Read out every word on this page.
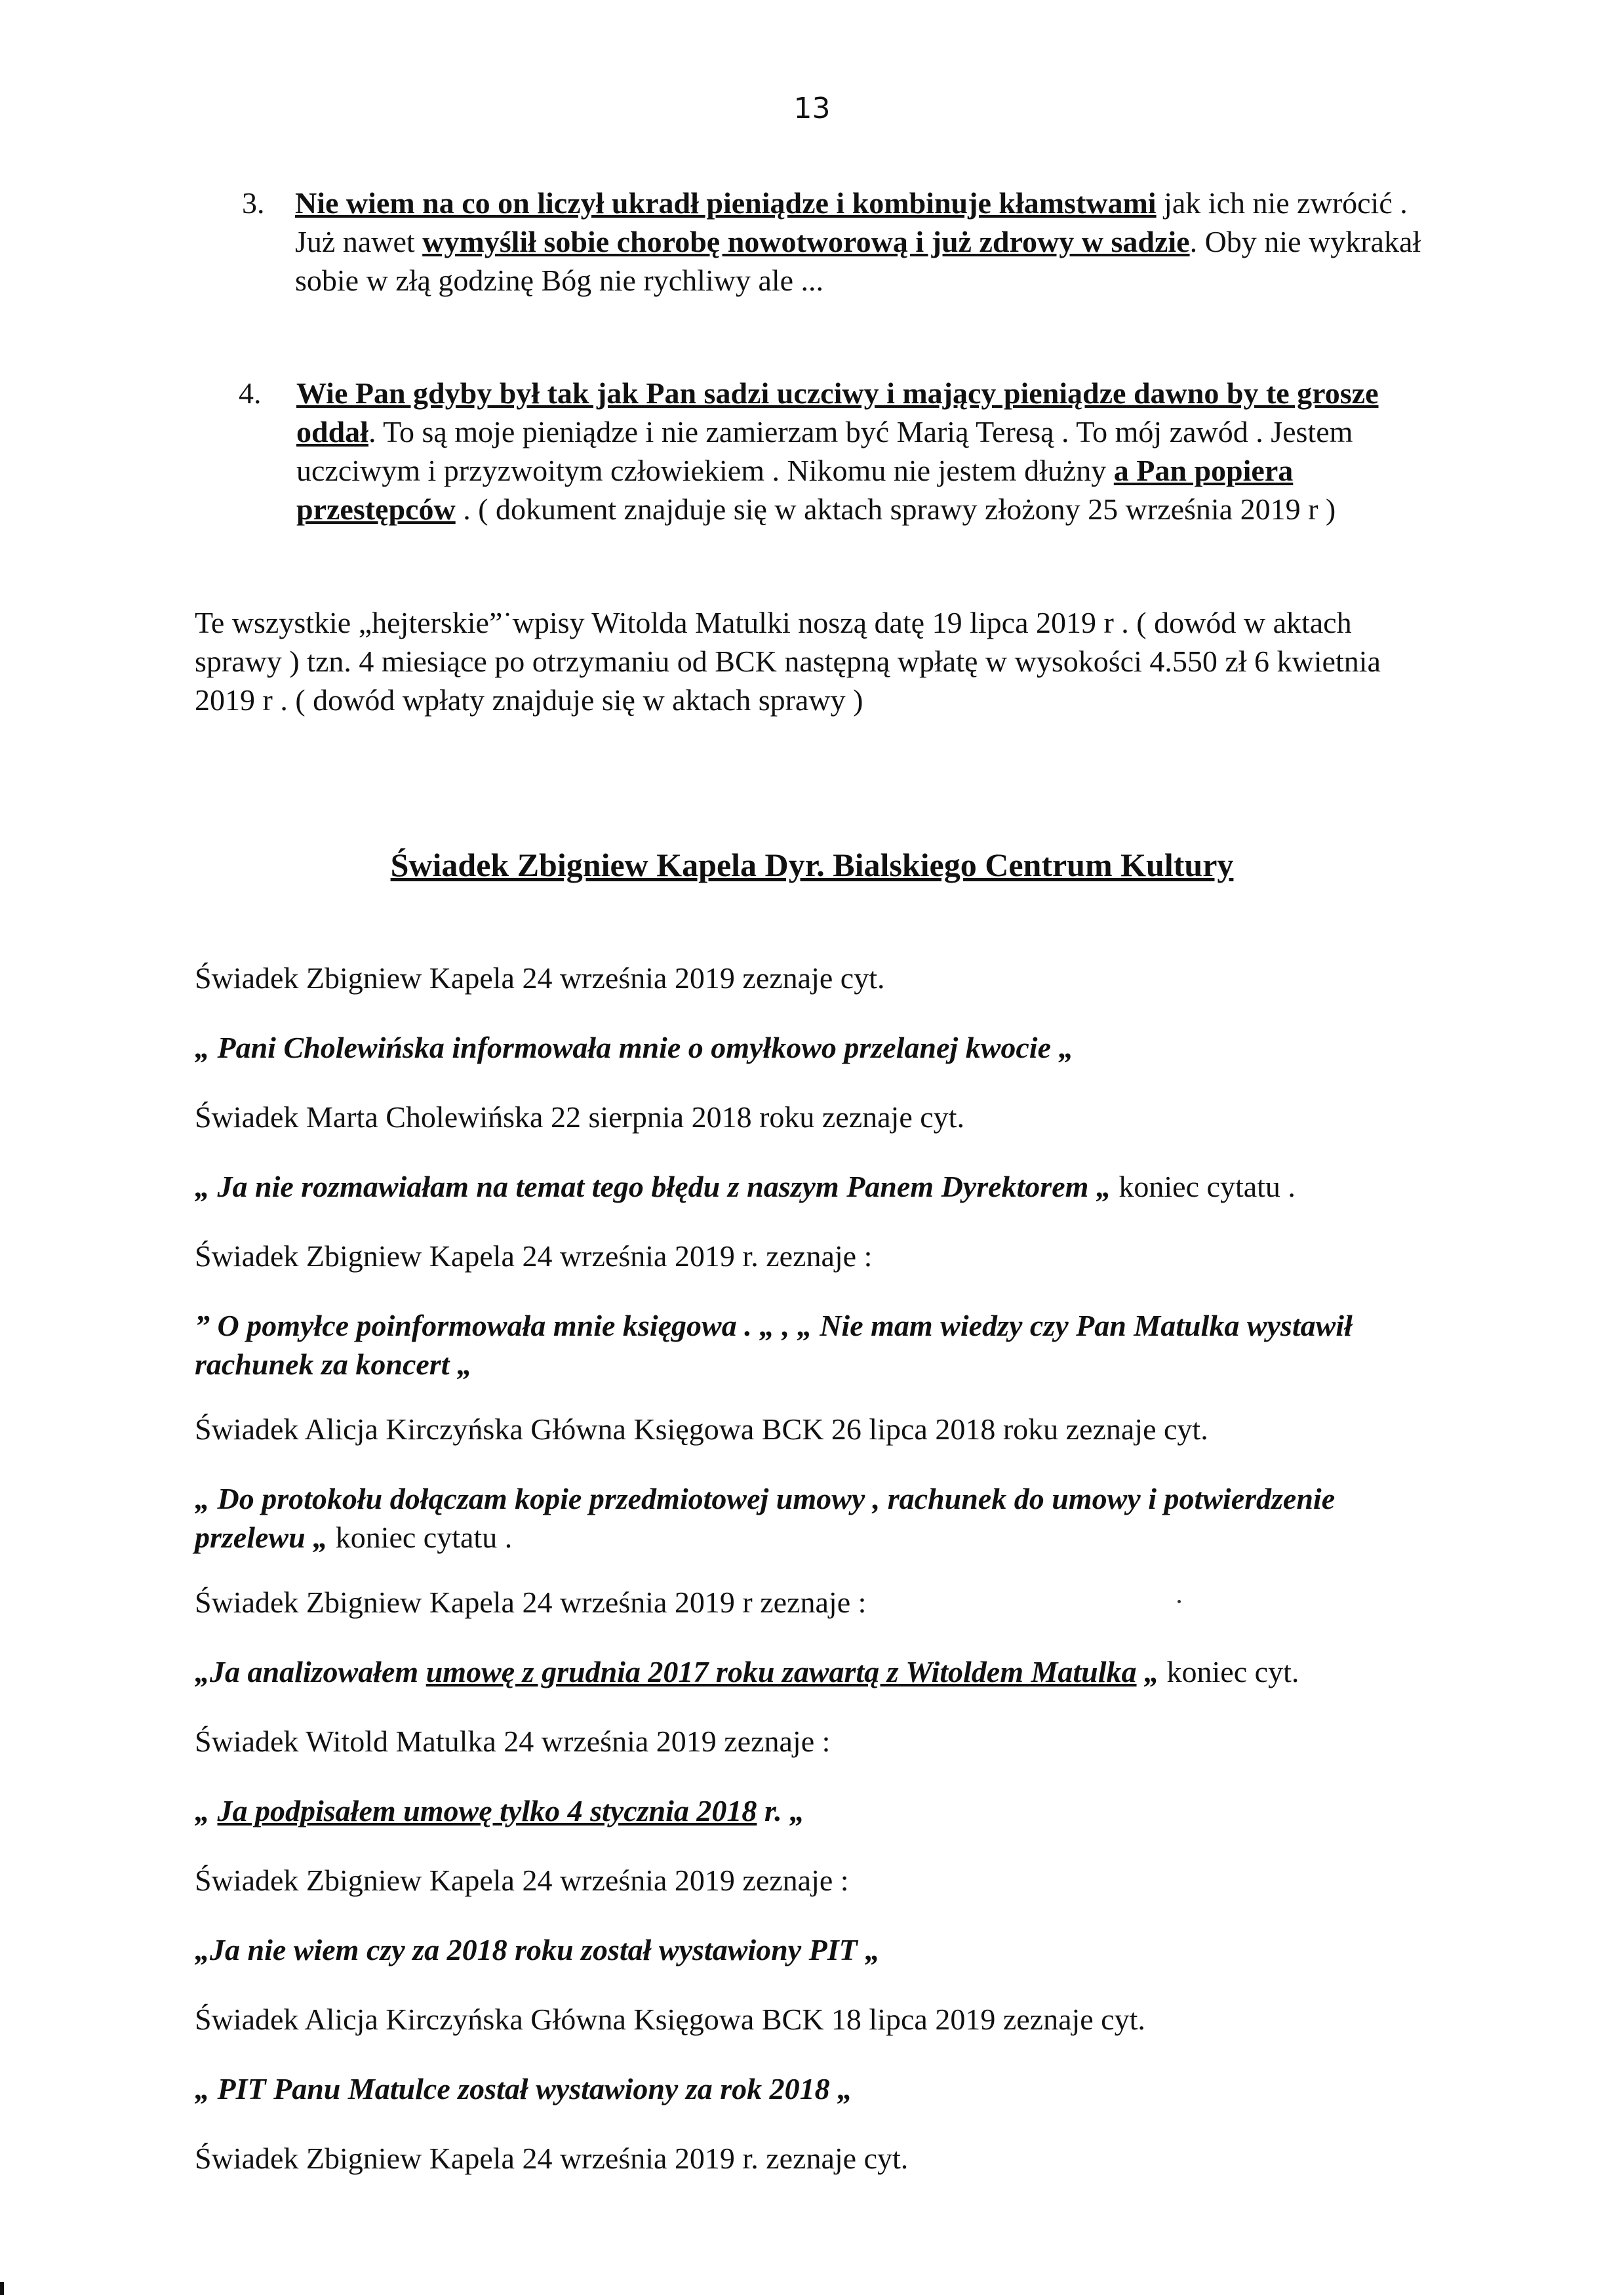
13
3. Nie wiem na co on liczył ukradł pieniądze i kombinuje kłamstwami jak ich nie zwrócić . Już nawet wymyślił sobie chorobę nowotworową i już zdrowy w sadzie. Oby nie wykrakał sobie w złą godzinę Bóg nie rychliwy ale ...
4. Wie Pan gdyby był tak jak Pan sadzi uczciwy i mający pieniądze dawno by te grosze oddał. To są moje pieniądze i nie zamierzam być Marią Teresą . To mój zawód . Jestem uczciwym i przyzwoitym człowiekiem . Nikomu nie jestem dłużny a Pan popiera przestępców . ( dokument znajduje się w aktach sprawy złożony 25 września 2019 r )
Te wszystkie „hejterskie”˙wpisy Witolda Matulki noszą datę 19 lipca 2019 r . ( dowód w aktach sprawy ) tzn. 4 miesiące po otrzymaniu od BCK następną wpłatę w wysokości 4.550 zł 6 kwietnia 2019 r . ( dowód wpłaty znajduje się w aktach sprawy )
Świadek Zbigniew Kapela Dyr. Bialskiego Centrum Kultury
Świadek Zbigniew Kapela 24 września 2019 zeznaje cyt.
„ Pani Cholewińska informowała mnie o omyłkowo przelanej kwocie „
Świadek Marta Cholewińska 22 sierpnia 2018 roku zeznaje cyt.
„ Ja nie rozmawiałam na temat tego błędu z naszym Panem Dyrektorem „ koniec cytatu .
Świadek Zbigniew Kapela 24 września 2019 r. zeznaje :
” O pomyłce poinformowała mnie księgowa . „ , „ Nie mam wiedzy czy Pan Matulka wystawił rachunek za koncert „
Świadek Alicja Kirczyńska Główna Księgowa BCK 26 lipca 2018 roku zeznaje cyt.
„ Do protokołu dołączam kopie przedmiotowej umowy , rachunek do umowy i potwierdzenie przelewu „ koniec cytatu .
Świadek Zbigniew Kapela 24 września 2019 r zeznaje :
„Ja analizowałem umowę z grudnia 2017 roku zawartą z Witoldem Matulka „ koniec cyt.
Świadek Witold Matulka 24 września 2019 zeznaje :
„ Ja podpisałem umowę tylko 4 stycznia 2018 r. „
Świadek Zbigniew Kapela 24 września 2019 zeznaje :
„Ja nie wiem czy za 2018 roku został wystawiony PIT „
Świadek Alicja Kirczyńska Główna Księgowa BCK 18 lipca 2019 zeznaje cyt.
„ PIT Panu Matulce został wystawiony za rok 2018 „
Świadek Zbigniew Kapela 24 września 2019 r. zeznaje cyt.
